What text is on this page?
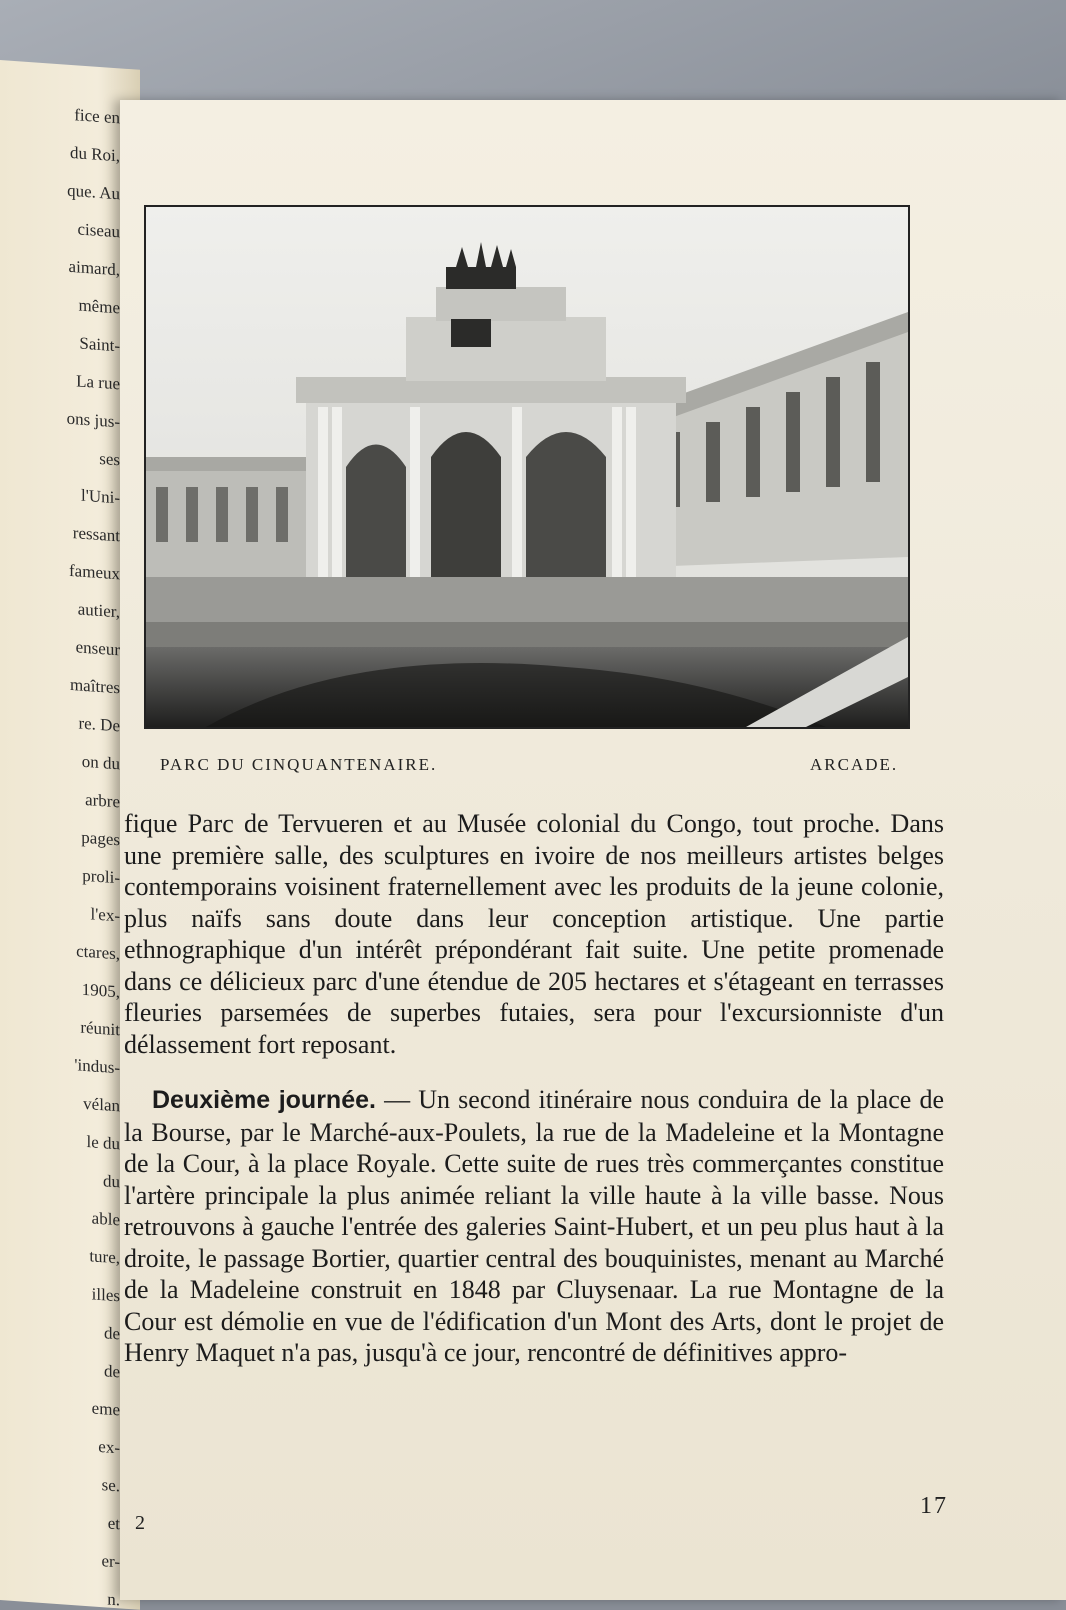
fice en
du Roi,
que. Au
ciseau
aimard,
même
Saint-
La rue
ons jus-
ses
l'Uni-
ressant
fameux
autier,
enseur
maîtres
re. De
on du
arbre
pages
proli-
l'ex-
ctares,
1905,
réunit
'indus-
vélan
le du
du
able
ture,
illes
de
de
eme
ex-
se.
et
er-
n.
PARC DU CINQUANTENAIRE.	ARCADE.

fique Parc de Tervueren et au Musée colonial du Congo, tout proche. Dans une première salle, des sculptures en ivoire de nos meilleurs artistes belges contemporains voisinent fraternellement avec les produits de la jeune colonie, plus naïfs sans doute dans leur conception artistique. Une partie ethnographique d'un intérêt prépondérant fait suite. Une petite promenade dans ce délicieux parc d'une étendue de 205 hectares et s'étageant en terrasses fleuries parsemées de superbes futaies, sera pour l'excursionniste d'un délassement fort reposant.

Deuxième journée. — Un second itinéraire nous conduira de la place de la Bourse, par le Marché-aux-Poulets, la rue de la Madeleine et la Montagne de la Cour, à la place Royale. Cette suite de rues très commerçantes constitue l'artère principale la plus animée reliant la ville haute à la ville basse. Nous retrouvons à gauche l'entrée des galeries Saint-Hubert, et un peu plus haut à la droite, le passage Bortier, quartier central des bouquinistes, menant au Marché de la Madeleine construit en 1848 par Cluysenaar. La rue Montagne de la Cour est démolie en vue de l'édification d'un Mont des Arts, dont le projet de Henry Maquet n'a pas, jusqu'à ce jour, rencontré de définitives appro-

17
2
